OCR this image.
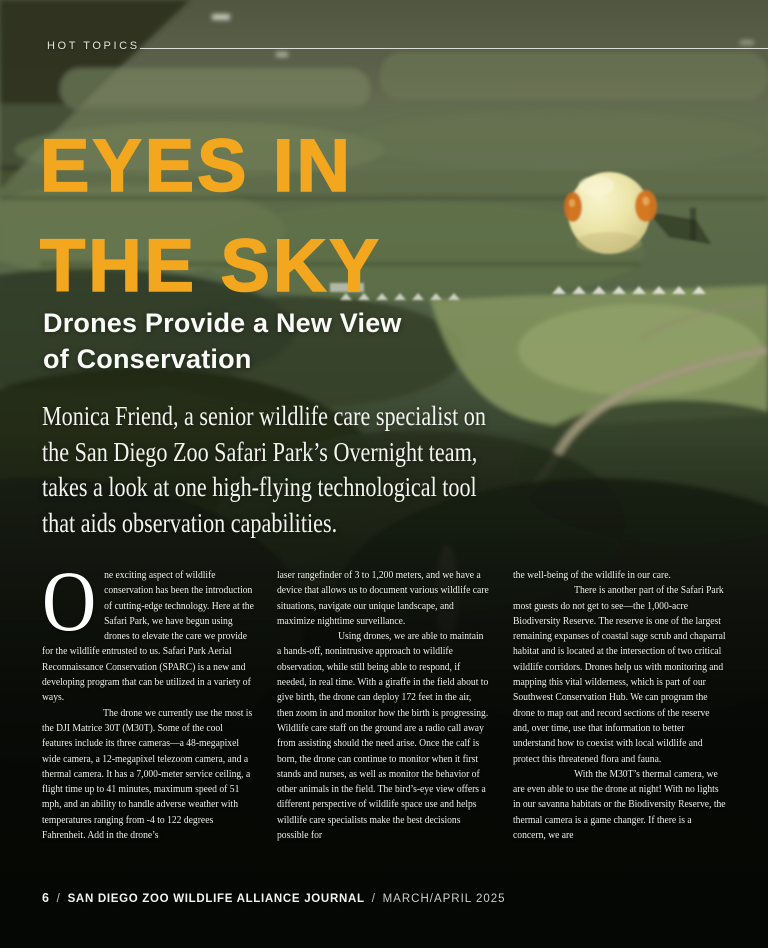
HOT TOPICS
EYES IN
THE SKY
Drones Provide a New View
of Conservation
Monica Friend, a senior wildlife care specialist on
the San Diego Zoo Safari Park’s Overnight team,
takes a look at one high-flying technological tool
that aids observation capabilities.

One exciting aspect of wildlife conservation has been the introduction of cutting-edge technology. Here at the Safari Park, we have begun using drones to elevate the care we provide for the wildlife entrusted to us. Safari Park Aerial Reconnaissance Conservation (SPARC) is a new and developing program that can be utilized in a variety of ways.

The drone we currently use the most is the DJI Matrice 30T (M30T). Some of the cool features include its three cameras—a 48-megapixel wide camera, a 12-megapixel telezoom camera, and a thermal camera. It has a 7,000-meter service ceiling, a flight time up to 41 minutes, maximum speed of 51 mph, and an ability to handle adverse weather with temperatures ranging from -4 to 122 degrees Fahrenheit. Add in the drone’s

laser rangefinder of 3 to 1,200 meters, and we have a device that allows us to document various wildlife care situations, navigate our unique landscape, and maximize nighttime surveillance.

Using drones, we are able to maintain a hands-off, nonintrusive approach to wildlife observation, while still being able to respond, if needed, in real time. With a giraffe in the field about to give birth, the drone can deploy 172 feet in the air, then zoom in and monitor how the birth is progressing. Wildlife care staff on the ground are a radio call away from assisting should the need arise. Once the calf is born, the drone can continue to monitor when it first stands and nurses, as well as monitor the behavior of other animals in the field. The bird’s-eye view offers a different perspective of wildlife space use and helps wildlife care specialists make the best decisions possible for

the well-being of the wildlife in our care.

There is another part of the Safari Park most guests do not get to see—the 1,000-acre Biodiversity Reserve. The reserve is one of the largest remaining expanses of coastal sage scrub and chaparral habitat and is located at the intersection of two critical wildlife corridors. Drones help us with monitoring and mapping this vital wilderness, which is part of our Southwest Conservation Hub. We can program the drone to map out and record sections of the reserve and, over time, use that information to better understand how to coexist with local wildlife and protect this threatened flora and fauna.

With the M30T’s thermal camera, we are even able to use the drone at night! With no lights in our savanna habitats or the Biodiversity Reserve, the thermal camera is a game changer. If there is a concern, we are

6 / SAN DIEGO ZOO WILDLIFE ALLIANCE JOURNAL / MARCH/APRIL 2025
